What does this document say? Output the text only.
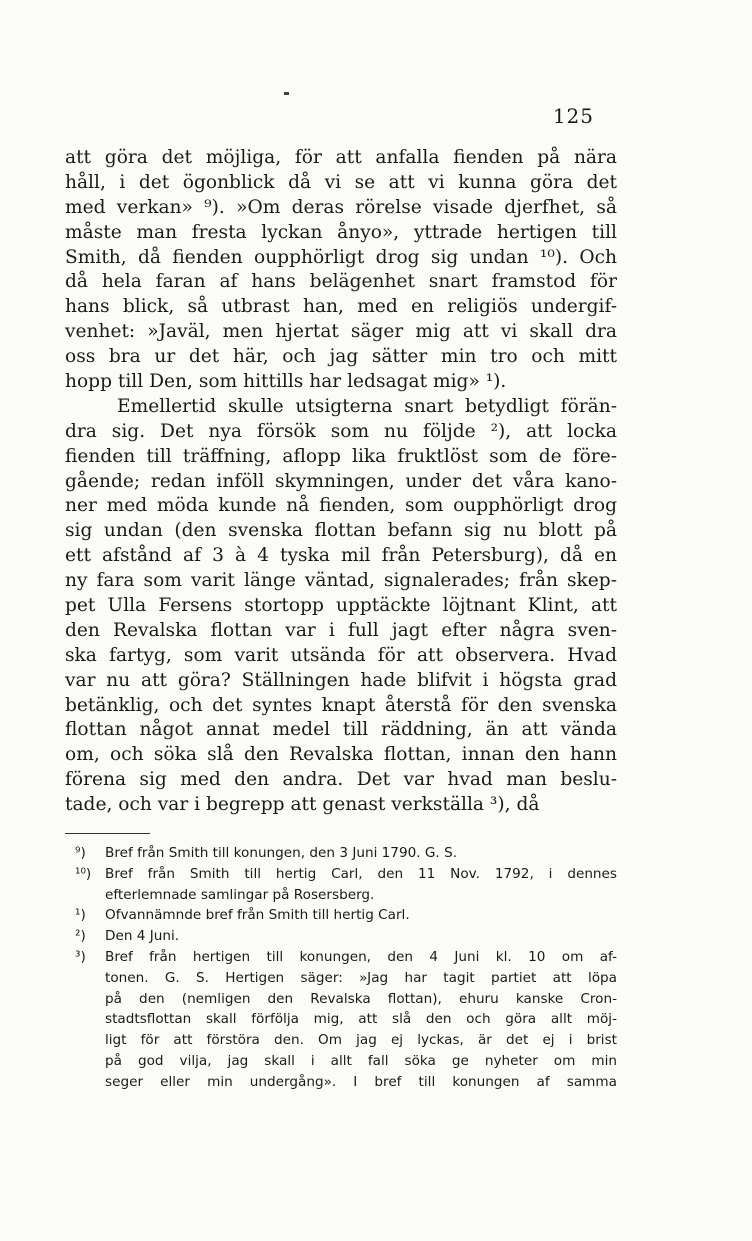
125
att göra det möjliga, för att anfalla fienden på nära
håll, i det ögonblick då vi se att vi kunna göra det
med verkan» ⁹). »Om deras rörelse visade djerfhet, så
måste man fresta lyckan ånyo», yttrade hertigen till
Smith, då fienden oupphörligt drog sig undan ¹⁰). Och
då hela faran af hans belägenhet snart framstod för
hans blick, så utbrast han, med en religiös undergif-
venhet: »Javäl, men hjertat säger mig att vi skall dra
oss bra ur det här, och jag sätter min tro och mitt
hopp till Den, som hittills har ledsagat mig» ¹).
Emellertid skulle utsigterna snart betydligt förän-
dra sig. Det nya försök som nu följde ²), att locka
fienden till träffning, aflopp lika fruktlöst som de före-
gående; redan inföll skymningen, under det våra kano-
ner med möda kunde nå fienden, som oupphörligt drog
sig undan (den svenska flottan befann sig nu blott på
ett afstånd af 3 à 4 tyska mil från Petersburg), då en
ny fara som varit länge väntad, signalerades; från skep-
pet Ulla Fersens stortopp upptäckte löjtnant Klint, att
den Revalska flottan var i full jagt efter några sven-
ska fartyg, som varit utsända för att observera. Hvad
var nu att göra? Ställningen hade blifvit i högsta grad
betänklig, och det syntes knapt återstå för den svenska
flottan något annat medel till räddning, än att vända
om, och söka slå den Revalska flottan, innan den hann
förena sig med den andra. Det var hvad man beslu-
tade, och var i begrepp att genast verkställa ³), då
⁹)	Bref från Smith till konungen, den 3 Juni 1790. G. S.
¹⁰)	Bref från Smith till hertig Carl, den 11 Nov. 1792, i dennes
efterlemnade samlingar på Rosersberg.
¹)	Ofvannämnde bref från Smith till hertig Carl.
²)	Den 4 Juni.
³)	Bref från hertigen till konungen, den 4 Juni kl. 10 om af-
tonen. G. S. Hertigen säger: »Jag har tagit partiet att löpa
på den (nemligen den Revalska flottan), ehuru kanske Cron-
stadtsflottan skall förfölja mig, att slå den och göra allt möj-
ligt för att förstöra den. Om jag ej lyckas, är det ej i brist
på god vilja, jag skall i allt fall söka ge nyheter om min
seger eller min undergång». I bref till konungen af samma
